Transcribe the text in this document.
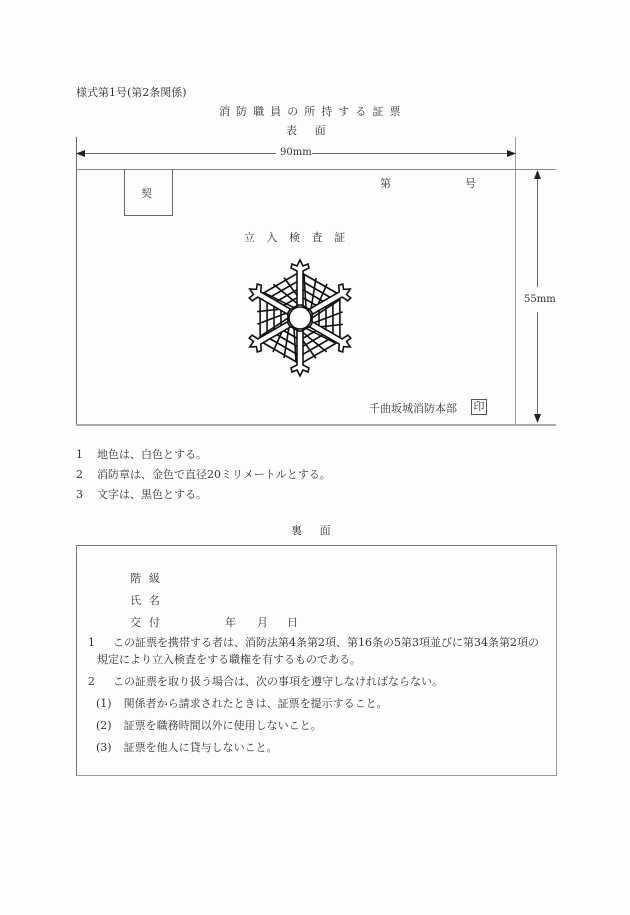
様式第1号(第2条関係)
消防職員の所持する証票
表　面
90mm
55mm
契
第	号
立入検査証
千曲坂城消防本部 印
1 地色は、白色とする。
2 消防章は、金色で直径20ミリメートルとする。
3 文字は、黒色とする。
裏　面
階 級
氏 名
交 付	年 月 日
1 この証票を携帯する者は、消防法第4条第2項、第16条の5第3項並びに第34条第2項の
規定により立入検査をする職権を有するものである。
2 この証票を取り扱う場合は、次の事項を遵守しなければならない。
(1) 関係者から請求されたときは、証票を提示すること。
(2) 証票を職務時間以外に使用しないこと。
(3) 証票を他人に貸与しないこと。
